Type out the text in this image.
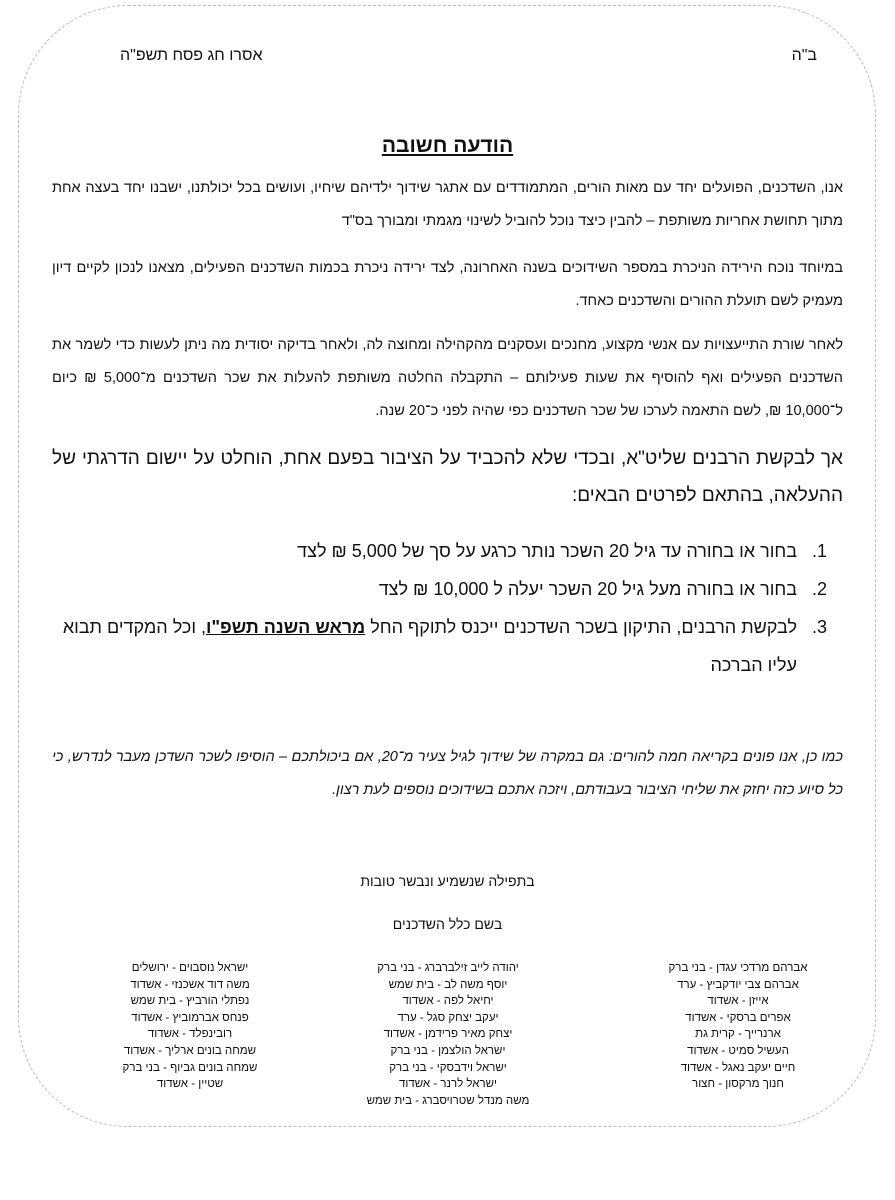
ב"ה
אסרו חג פסח תשפ"ה
הודעה חשובה
אנו, השדכנים, הפועלים יחד עם מאות הורים, המתמודדים עם אתגר שידוך ילדיהם שיחיו, ועושים בכל יכולתנו, ישבנו יחד בעצה אחת מתוך תחושת אחריות משותפת – להבין כיצד נוכל להוביל לשינוי מגמתי ומבורך בס"ד
במיוחד נוכח הירידה הניכרת במספר השידוכים בשנה האחרונה, לצד ירידה ניכרת בכמות השדכנים הפעילים, מצאנו לנכון לקיים דיון מעמיק לשם תועלת ההורים והשדכנים כאחד.
לאחר שורת התייעצויות עם אנשי מקצוע, מחנכים ועסקנים מהקהילה ומחוצה לה, ולאחר בדיקה יסודית מה ניתן לעשות כדי לשמר את השדכנים הפעילים ואף להוסיף את שעות פעילותם – התקבלה החלטה משותפת להעלות את שכר השדכנים מ־5,000 ₪ כיום ל־10,000 ₪, לשם התאמה לערכו של שכר השדכנים כפי שהיה לפני כ־20 שנה.
אך לבקשת הרבנים שליט"א, ובכדי שלא להכביד על הציבור בפעם אחת, הוחלט על יישום הדרגתי של ההעלאה, בהתאם לפרטים הבאים:
1.
בחור או בחורה עד גיל 20 השכר נותר כרגע על סך של 5,000 ₪ לצד
2.
בחור או בחורה מעל גיל 20 השכר יעלה ל 10,000 ₪ לצד
3.
לבקשת הרבנים, התיקון בשכר השדכנים ייכנס לתוקף החל מראש השנה תשפ"ו, וכל המקדים תבוא עליו הברכה
כמו כן, אנו פונים בקריאה חמה להורים: גם במקרה של שידוך לגיל צעיר מ־20, אם ביכולתכם – הוסיפו לשכר השדכן מעבר לנדרש, כי כל סיוע כזה יחזק את שליחי הציבור בעבודתם, ויזכה אתכם בשידוכים נוספים לעת רצון.
בתפילה שנשמיע ונבשר טובות
בשם כלל השדכנים
אברהם מרדכי עגדן - בני ברק
אברהם צבי יודקביץ - ערד
אייזן - אשדוד
אפרים ברסקי - אשדוד
ארנרייך - קרית גת
העשיל סמיט - אשדוד
חיים יעקב נאגל - אשדוד
חנוך מרקסון - חצור
יהודה לייב זילברברג - בני ברק
יוסף משה לב - בית שמש
יחיאל לפה - אשדוד
יעקב יצחק סגל - ערד
יצחק מאיר פרידמן - אשדוד
ישראל הולצמן - בני ברק
ישראל וידבסקי - בני ברק
ישראל לרנר - אשדוד
משה מנדל שטרויסברג - בית שמש
ישראל נוסבוים - ירושלים
משה דוד אשכנזי - אשדוד
נפתלי הורביץ - בית שמש
פנחס אברמוביץ - אשדוד
רובינפלד - אשדוד
שמחה בונים ארליך - אשדוד
שמחה בונים גביוף - בני ברק
שטיין - אשדוד
